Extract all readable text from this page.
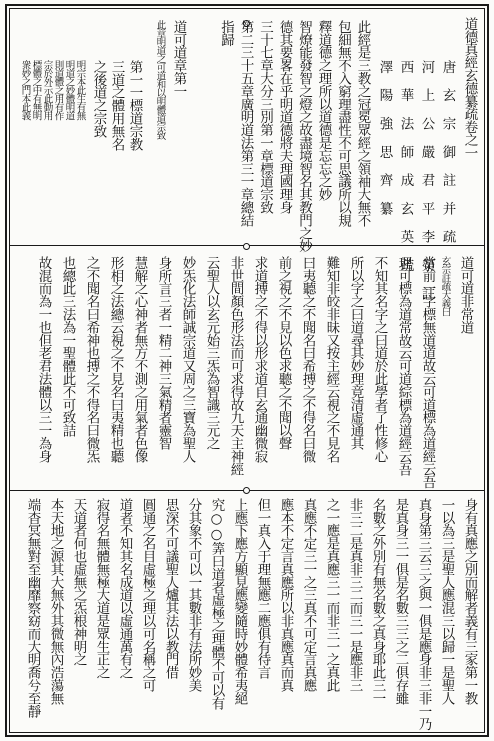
道德真經玄德纂疏卷之一
唐 玄 宗 御 註 并 疏
河 上 公 嚴 君 平 李 榮 註
西 華 法 師 成 玄 英 疏
澤 陽 強 思 齊 纂
此經是三教之冠冕眾經之領袖大無不
包細無不入窮理盡性不可思議所以規
釋道德之理所以道德是忘忘之妙
智燎能發智之燈之故盡境智名其教門之妙
德其要畧在乎明道德將夫理國理身
三十七章大分三別第一章標道宗致
第二三十五章廣明道法第三一章總結
指歸
道可道章第一
此章明道之可道和以明體道宗致
第一一標道宗教
三道之體用無名
之後道之宗致
明宗本此生有無
明道之妙體明道
則道體之用有作
宗於外示此動用
標體之中有無明
衆妙之門本此義
道可道非常道
玄宗註疏大義曰
常前一字標無道道故云可道標為道經云吾
理可標為道常故云可道綜標為道經云吾
不知其名字之曰道於此學者了性修心
所以字之曰道尋其妙理竟清虛通其
難知非皎非昧又按主經云視之不見名
曰夷聽之不聞名曰希搏之不得名曰微
前之視之不見以色求聽之不聞以聲
求道搏之不得以形求道自玄通幽微寂
非世間顏色形法而可求得故九天主神經
云聖人以玄元始三炁為智識三元之
妙炁化法師誠宗道又周之三寶為聖人
身所言三者一精二神三氣精者靈智
慧解之心神者無方不測之用氣者色像
形相之法總云視之不見名曰夷精也聽
之不聞名曰希神也搏之不得名曰微炁
也總此三法為一聖體此不可致詰
故混而為一也但老君法體以三一為身
身有真應之別而解者義有三家第一教
一以為三是聖人應混三以歸一是聖人
真身第三云三之與一俱是應身非三非一乃
是真身三一俱是名數三三之二俱存雖
名數之外別有無名數之真身耶此三一
非三二是真非三二而三一是應非三
之一應是真應三一而非三一之真此
真應不定三一之三真不可定言真應
應本不定言真應所以非真應真而真
但一真入于理無應二應俱有待言
上應下應方顯見應變隨時妙體希夷絕
究○○筭曰道者虛極之理體不可以有
分其象不可以一其數非有法所妙美
思深不可議聖人爐其法以教門借
圓通之名目虛極之理以可名稱之可
道者不知其名成道以虛通萬有之
寂得名無體無極大道是眾生正之
天道者何也虛無之炁根神明之
本天地之源其大無外其微無內浩蕩無
端杳冥無對至幽靡察窈而大明喬兮至靜
